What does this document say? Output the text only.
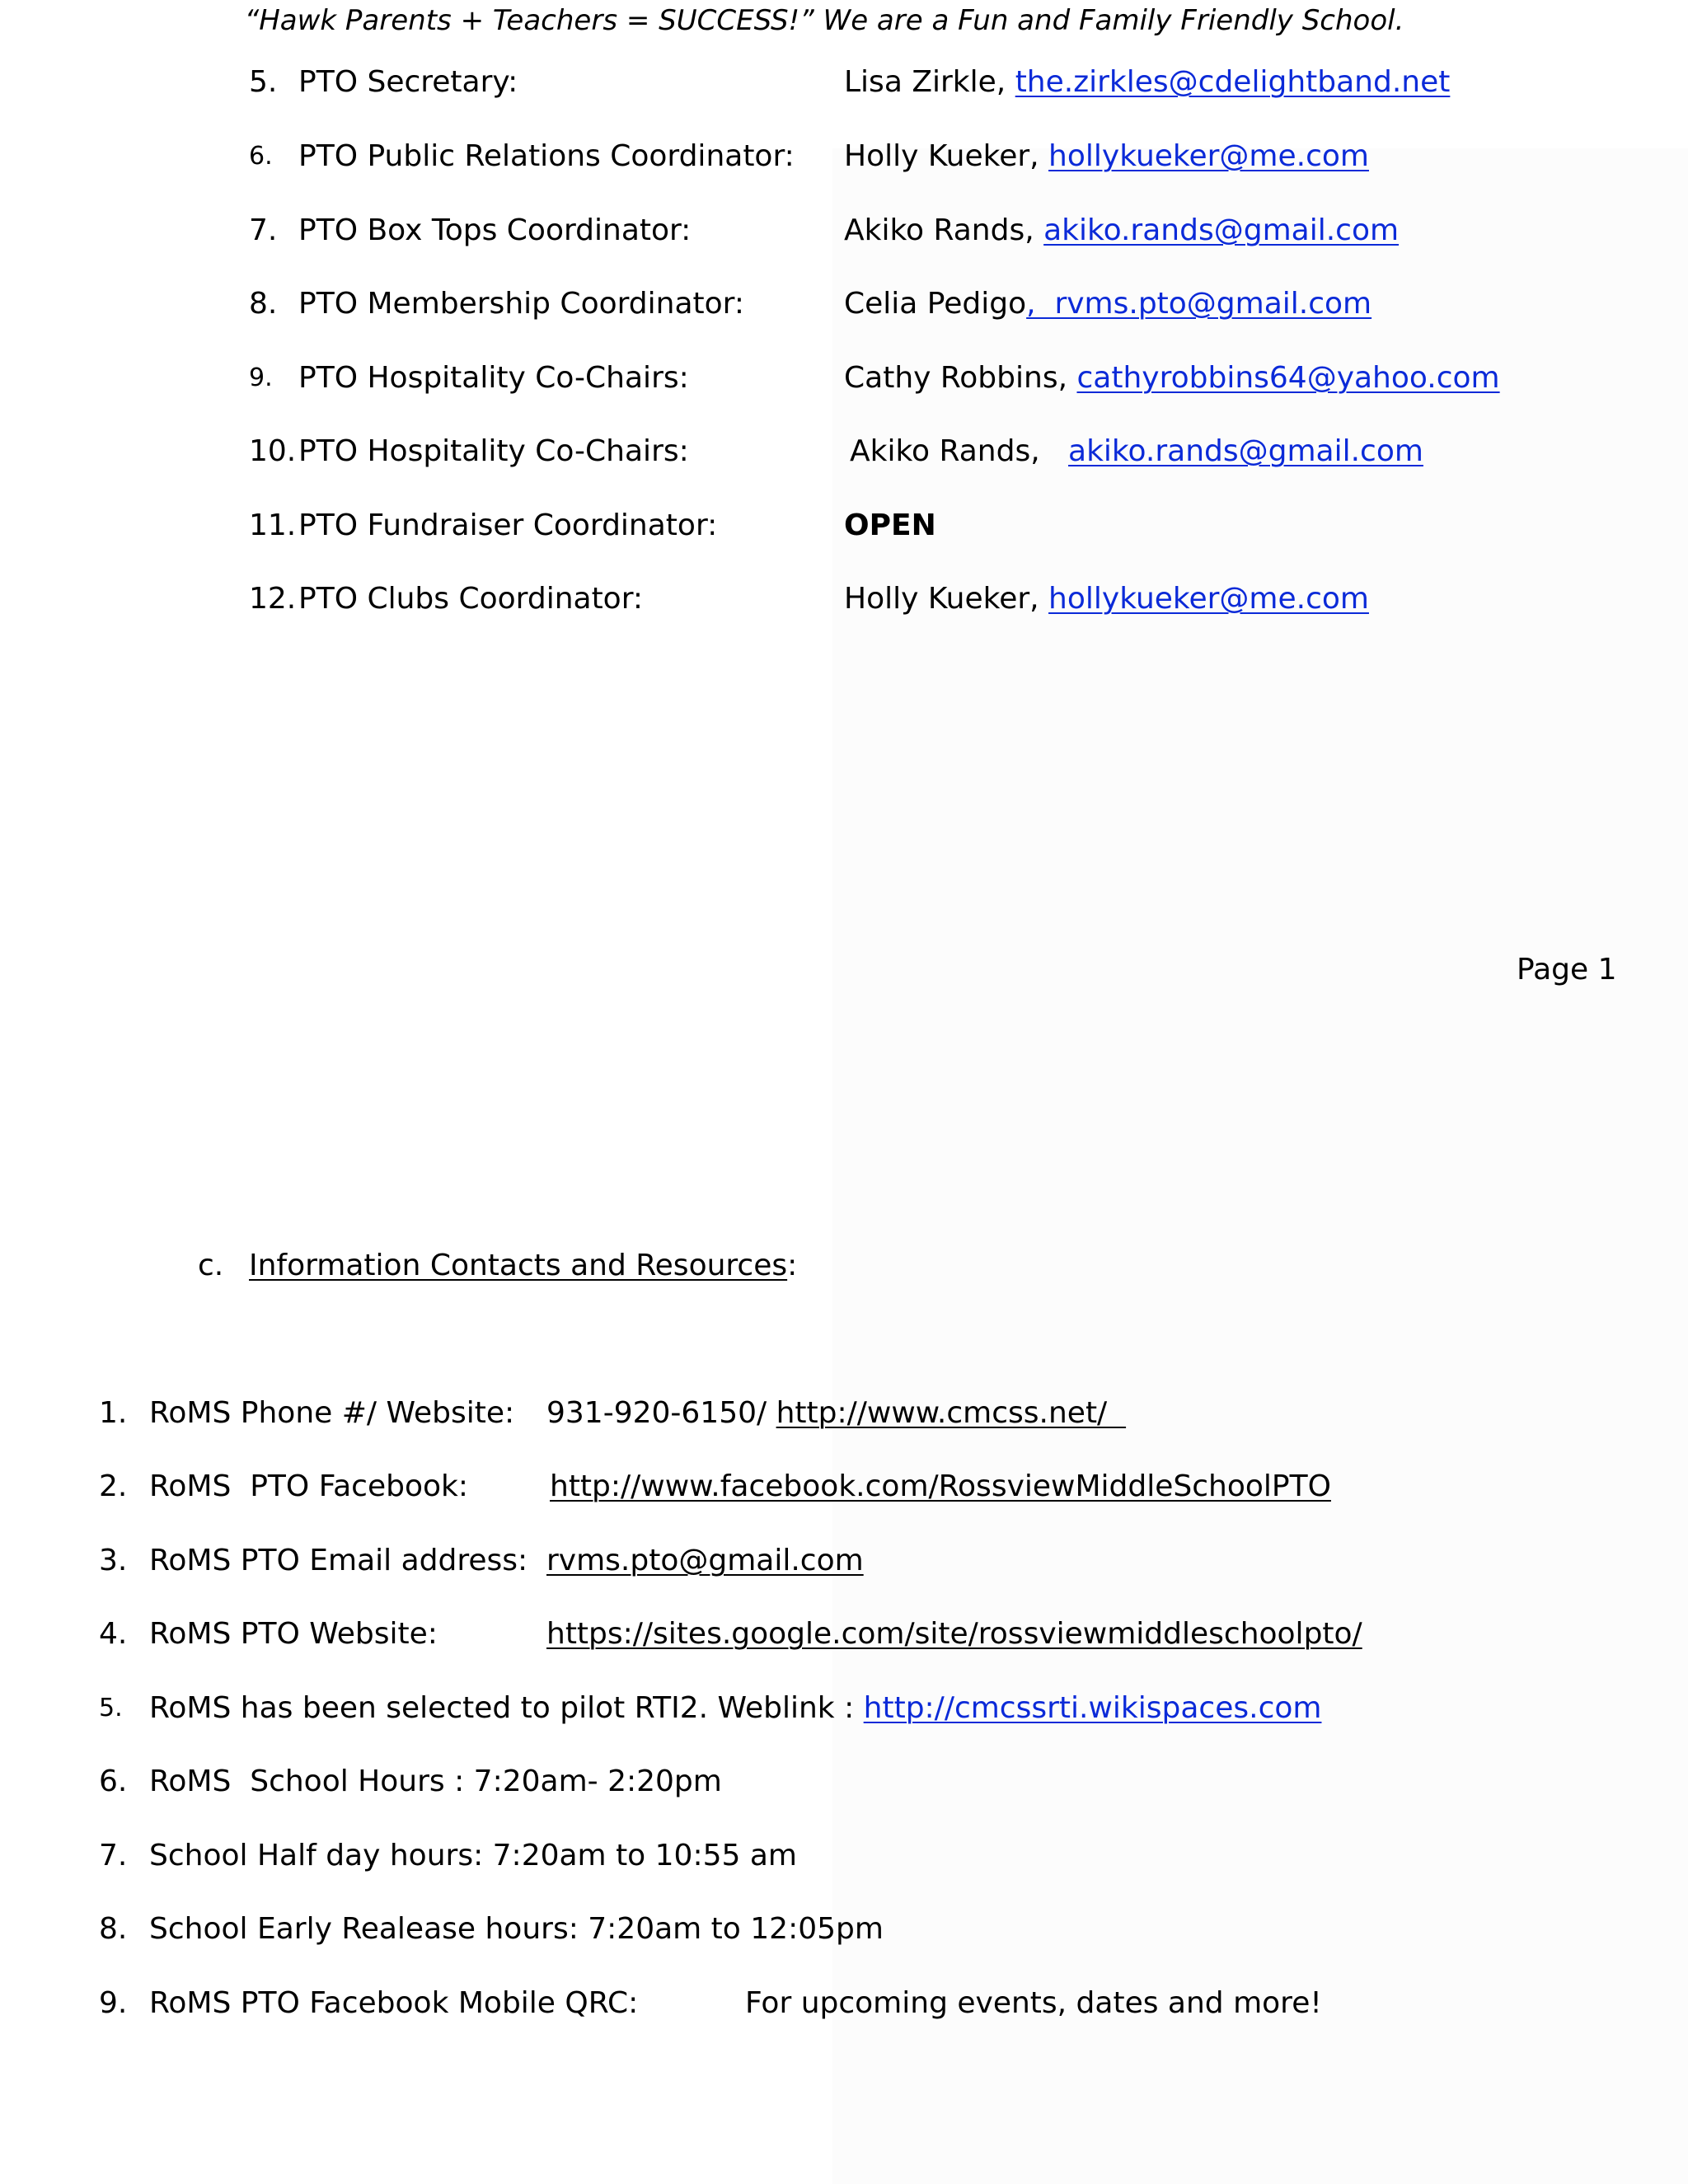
“Hawk Parents + Teachers = SUCCESS!” We are a Fun and Family Friendly School.
5. PTO Secretary:	Lisa Zirkle, the.zirkles@cdelightband.net
6. PTO Public Relations Coordinator: Holly Kueker, hollykueker@me.com
7. PTO Box Tops Coordinator:	Akiko Rands, akiko.rands@gmail.com
8. PTO Membership Coordinator:	Celia Pedigo,  rvms.pto@gmail.com
9. PTO Hospitality Co-Chairs:	Cathy Robbins, cathyrobbins64@yahoo.com
10. PTO Hospitality Co-Chairs:	Akiko Rands, akiko.rands@gmail.com
11. PTO Fundraiser Coordinator:	OPEN
12. PTO Clubs Coordinator:	Holly Kueker, hollykueker@me.com
Page 1
c. Information Contacts and Resources:
1. RoMS Phone #/ Website: 931-920-6150/ http://www.cmcss.net/
2. RoMS  PTO Facebook:	http://www.facebook.com/RossviewMiddleSchoolPTO
3. RoMS PTO Email address: rvms.pto@gmail.com
4. RoMS PTO Website:	https://sites.google.com/site/rossviewmiddleschoolpto/
5. RoMS has been selected to pilot RTI2. Weblink : http://cmcssrti.wikispaces.com
6. RoMS  School Hours : 7:20am- 2:20pm
7. School Half day hours: 7:20am to 10:55 am
8. School Early Realease hours: 7:20am to 12:05pm
9. RoMS PTO Facebook Mobile QRC:	For upcoming events, dates and more!
